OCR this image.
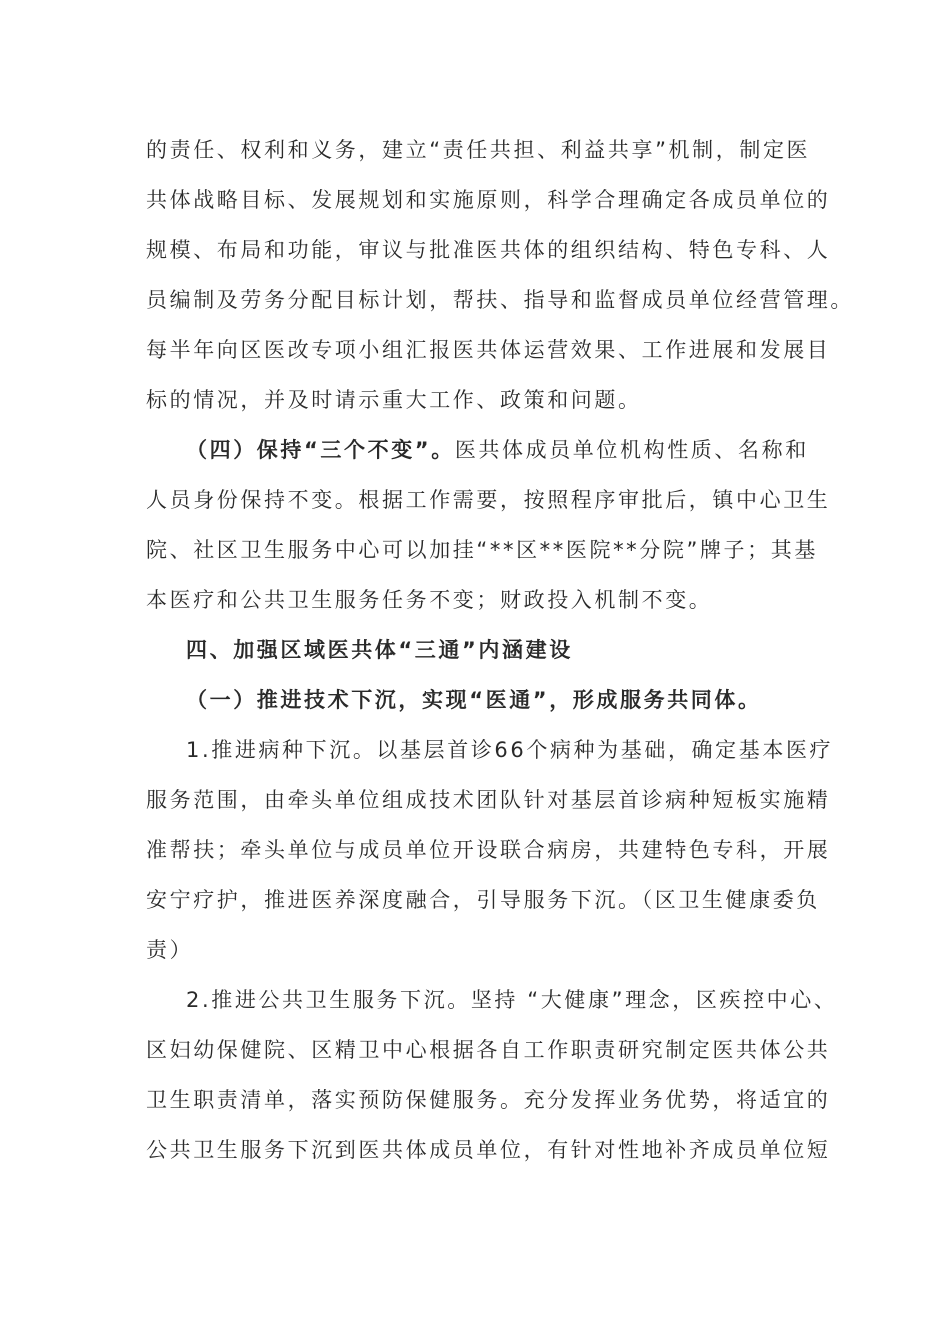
的责任、权利和义务，建立“责任共担、利益共享”机制，制定医
共体战略目标、发展规划和实施原则，科学合理确定各成员单位的
规模、布局和功能，审议与批准医共体的组织结构、特色专科、人
员编制及劳务分配目标计划，帮扶、指导和监督成员单位经营管理。
每半年向区医改专项小组汇报医共体运营效果、工作进展和发展目
标的情况，并及时请示重大工作、政策和问题。
（四）保持“三个不变”。医共体成员单位机构性质、名称和
人员身份保持不变。根据工作需要，按照程序审批后，镇中心卫生
院、社区卫生服务中心可以加挂“**区**医院**分院”牌子；其基
本医疗和公共卫生服务任务不变；财政投入机制不变。
四、加强区域医共体“三通”内涵建设
（一）推进技术下沉，实现“医通”，形成服务共同体。
1.推进病种下沉。以基层首诊66个病种为基础，确定基本医疗
服务范围，由牵头单位组成技术团队针对基层首诊病种短板实施精
准帮扶；牵头单位与成员单位开设联合病房，共建特色专科，开展
安宁疗护，推进医养深度融合，引导服务下沉。（区卫生健康委负
责）
2.推进公共卫生服务下沉。坚持 “大健康”理念，区疾控中心、
区妇幼保健院、区精卫中心根据各自工作职责研究制定医共体公共
卫生职责清单，落实预防保健服务。充分发挥业务优势，将适宜的
公共卫生服务下沉到医共体成员单位，有针对性地补齐成员单位短
